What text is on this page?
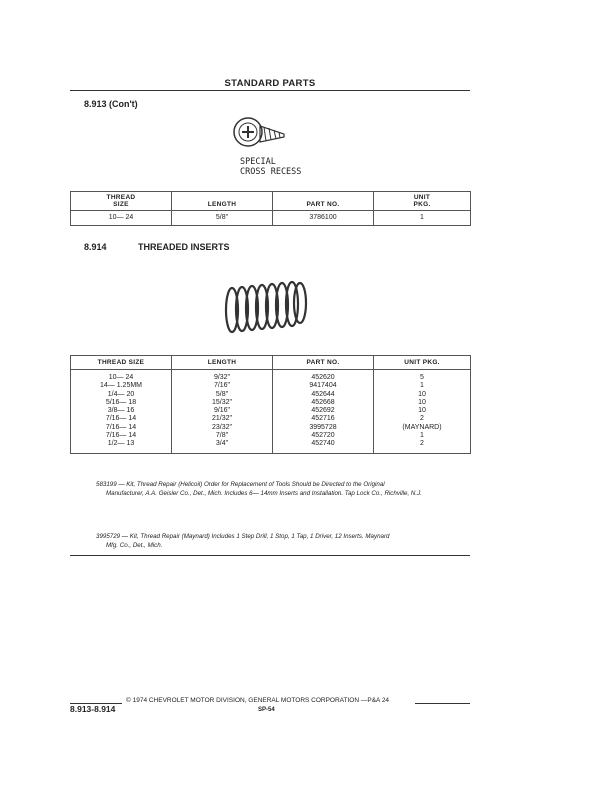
STANDARD PARTS
8.913 (Con't)
SPECIAL
CROSS RECESS
THREAD
SIZE	LENGTH	PART NO.	UNIT
PKG.
10— 24	5/8"	3786100	1
8.914	THREADED INSERTS
THREAD SIZE	LENGTH	PART NO.	UNIT PKG.

10— 24	9/32"	452620	5
14— 1.25MM	7/16"	9417404	1
1/4— 20	5/8"	452644	10
5/16— 18	15/32"	452668	10
3/8— 16	9/16"	452692	10
7/16— 14	21/32"	452716	2
7/16— 14	23/32"	3995728	(MAYNARD)
7/16— 14	7/8"	452720	1
1/2— 13	3/4"	452740	2

583199 — Kit, Thread Repair (Helicoil) Order for Replacement of Tools Should be Directed to the Original
Manufacturer, A.A. Geisler Co., Det., Mich. Includes 6— 14mm Inserts and Installation. Tap Lock Co., Richville, N.J.
3995729 — Kit, Thread Repair (Maynard) Includes 1 Step Drill, 1 Stop, 1 Tap, 1 Driver, 12 Inserts. Maynard
Mfg. Co., Det., Mich.
© 1974 CHEVROLET MOTOR DIVISION, GENERAL MOTORS CORPORATION —P&A 24
8.913-8.914	SP-54
